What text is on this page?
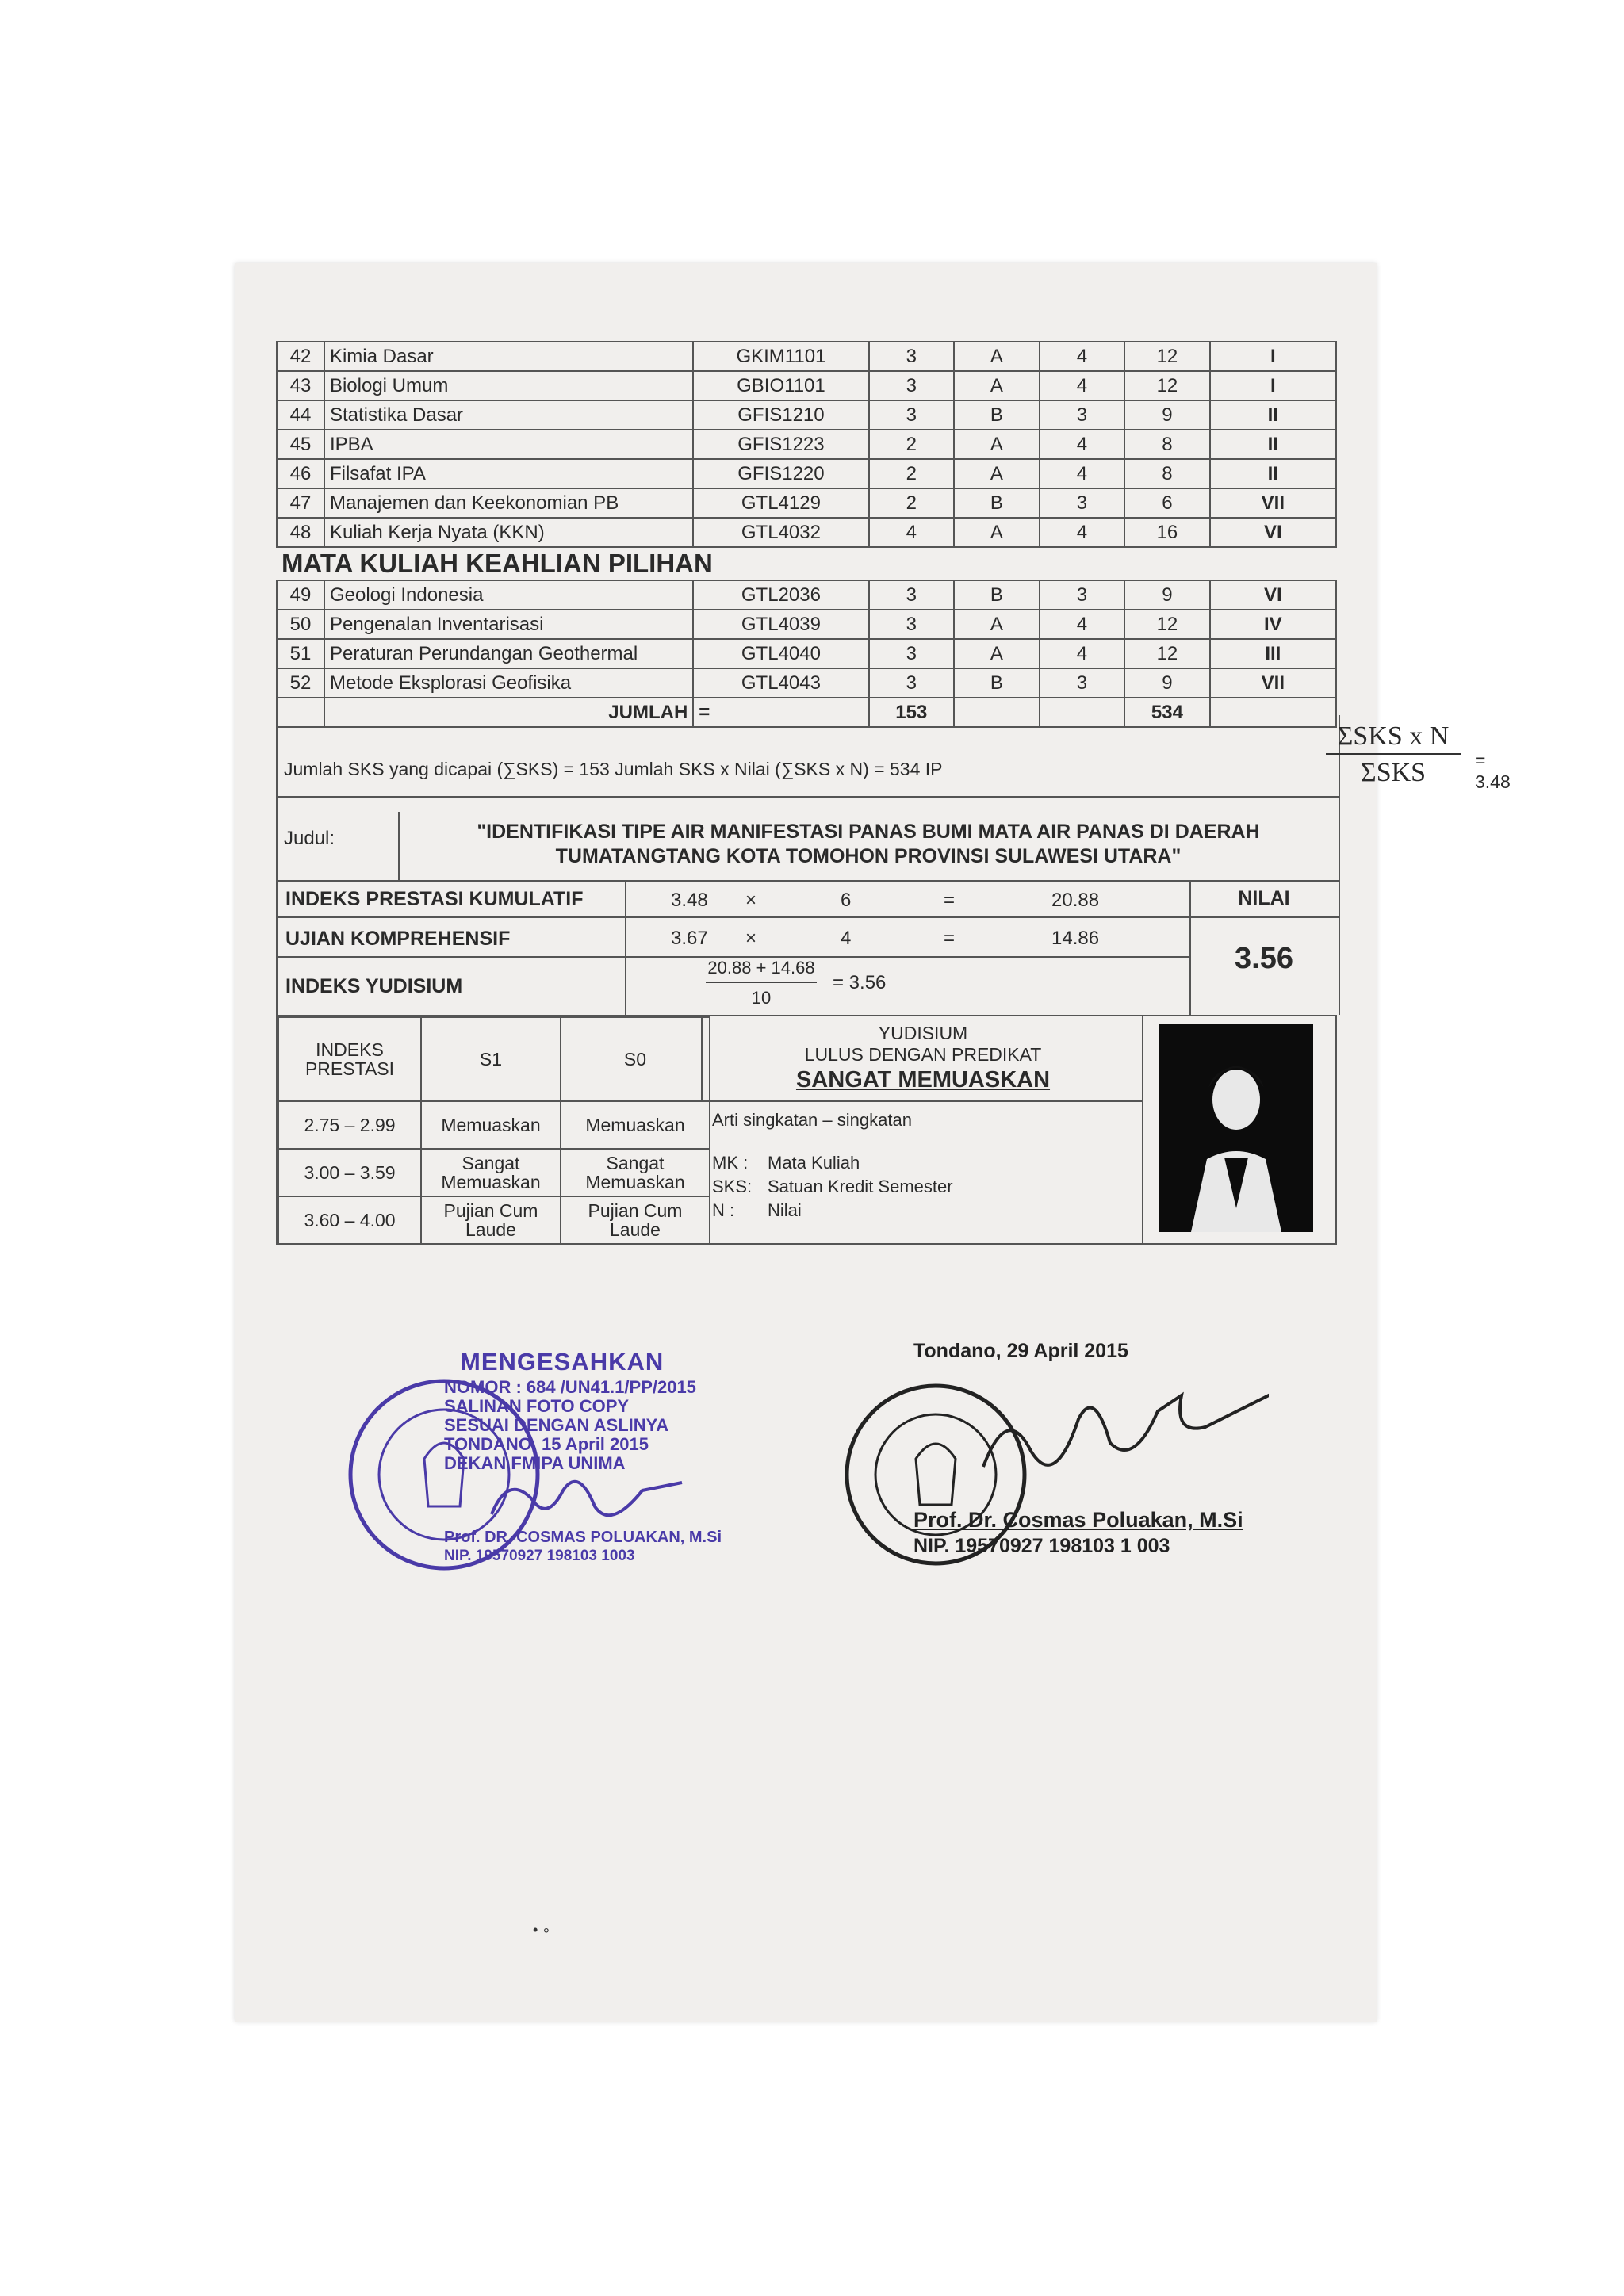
42	Kimia Dasar	GKIM1101	3	A	4	12	I
43	Biologi Umum	GBIO1101	3	A	4	12	I
44	Statistika Dasar	GFIS1210	3	B	3	9	II
45	IPBA	GFIS1223	2	A	4	8	II
46	Filsafat IPA	GFIS1220	2	A	4	8	II
47	Manajemen dan Keekonomian PB	GTL4129	2	B	3	6	VII
48	Kuliah Kerja Nyata (KKN)	GTL4032	4	A	4	16	VI
MATA KULIAH KEAHLIAN PILIHAN							
49	Geologi Indonesia	GTL2036	3	B	3	9	VI
50	Pengenalan Inventarisasi	GTL4039	3	A	4	12	IV
51	Peraturan Perundangan Geothermal	GTL4040	3	A	4	12	III
52	Metode Eksplorasi Geofisika	GTL4043	3	B	3	9	VII
	JUMLAH	=	153			534	
Jumlah SKS yang dicapai (∑SKS) = 153 Jumlah SKS x Nilai (∑SKS x N) = 534 IP
ΣSKS x N
ΣSKS	= 3.48
Judul:	"IDENTIFIKASI TIPE AIR MANIFESTASI PANAS BUMI MATA AIR PANAS DI DAERAH TUMATANGTANG KOTA TOMOHON PROVINSI SULAWESI UTARA"
INDEKS PRESTASI KUMULATIF	3.48 ×	6	=	20.88
UJIAN KOMPREHENSIF	3.67 ×	4	=	14.86
INDEKS YUDISIUM	$\frac{20.88 + 14.68}{10} = 3.56$
NILAI
3.56
INDEKS PRESTASI	S1	S0
2.75 – 2.99	Memuaskan	Memuaskan
3.00 – 3.59	Sangat Memuaskan	Sangat Memuaskan
3.60 – 4.00	Pujian Cum Laude	Pujian Cum Laude
YUDISIUM
LULUS DENGAN PREDIKAT
SANGAT MEMUASKAN
Arti singkatan – singkatan
MK : Mata Kuliah
SKS: Satuan Kredit Semester
N : Nilai
MENGESAHKAN
NOMOR : 684 /UN41.1/PP/2015
SALINAN FOTO COPY
SESUAI DENGAN ASLINYA
TONDANO, 15 April 2015
DEKAN FMIPA UNIMA
Prof. DR. COSMAS POLUAKAN, M.Si
NIP. 19570927 198103 1003
Tondano, 29 April 2015
Prof. Dr. Cosmas Poluakan, M.Si
NIP. 19570927 198103 1 003
• ∘
